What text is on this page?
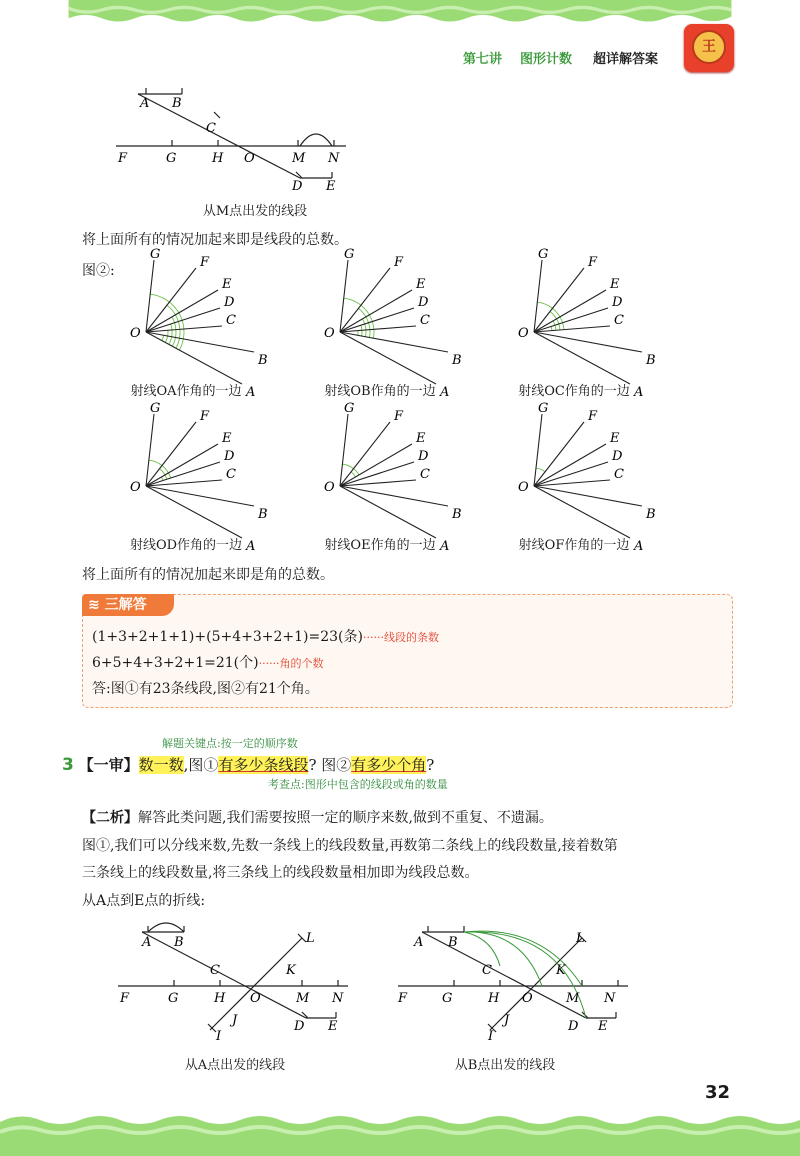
第七讲 图形计数 超详解答案
王
A B
C
F	G	H O	M N
D E
从M点出发的线段
将上面所有的情况加起来即是线段的总数。
图②:
A
B
C
D
E
F
G
O
A
B
C
D
E
F
G
O
A
B
C
D
E
F
G
O
A
B
C
D
E
F
G
O
A
B
C
D
E
F
G
O
A
B
C
D
E
F
G
O
射线OA作角的一边	射线OB作角的一边	射线OC作角的一边
射线OD作角的一边	射线OE作角的一边	射线OF作角的一边
将上面所有的情况加起来即是角的总数。
≋ 三解答
(1+3+2+1+1)+(5+4+3+2+1)=23(条)······线段的条数
6+5+4+3+2+1=21(个)······角的个数
答:图①有23条线段,图②有21个角。
解题关键点:按一定的顺序数
3 【一审】数一数,图①有多少条线段? 图②有多少个角?
考查点:图形中包含的线段或角的数量
【二析】解答此类问题,我们需要按照一定的顺序来数,做到不重复、不遗漏。
图①,我们可以分线来数,先数一条线上的线段数量,再数第二条线上的线段数量,接着数第
三条线上的线段数量,将三条线上的线段数量相加即为线段总数。
从A点到E点的折线:
A B
C	K
L
F	G	H O	M N
J
I
D E
A B
C	K
L
F	G	H O	M N
J
I
D E
从A点出发的线段	从B点出发的线段
32
